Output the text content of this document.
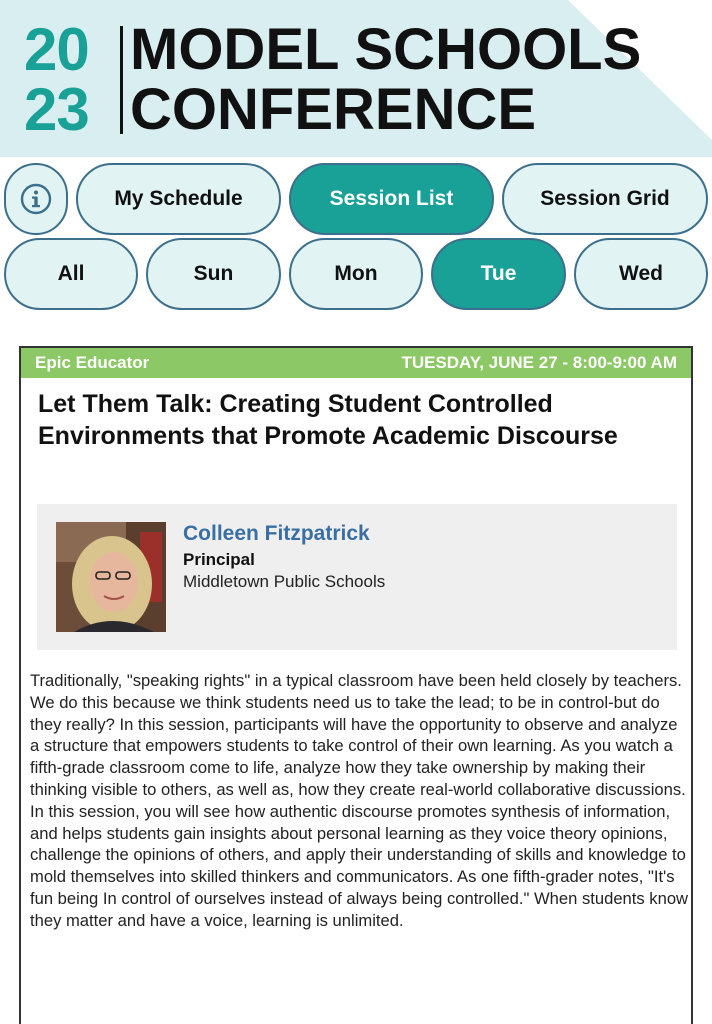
20
23
MODEL SCHOOLS
CONFERENCE
My Schedule	Session List	Session Grid
All	Sun	Mon	Tue	Wed
Epic Educator	TUESDAY, JUNE 27 - 8:00-9:00 AM
Let Them Talk: Creating Student Controlled Environments that Promote Academic Discourse
Colleen Fitzpatrick
Principal
Middletown Public Schools
Traditionally, "speaking rights" in a typical classroom have been held closely by teachers. We do this because we think students need us to take the lead; to be in control-but do they really? In this session, participants will have the opportunity to observe and analyze a structure that empowers students to take control of their own learning. As you watch a fifth-grade classroom come to life, analyze how they take ownership by making their thinking visible to others, as well as, how they create real-world collaborative discussions. In this session, you will see how authentic discourse promotes synthesis of information, and helps students gain insights about personal learning as they voice theory opinions, challenge the opinions of others, and apply their understanding of skills and knowledge to mold themselves into skilled thinkers and communicators. As one fifth-grader notes, "It's fun being In control of ourselves instead of always being controlled." When students know they matter and have a voice, learning is unlimited.
